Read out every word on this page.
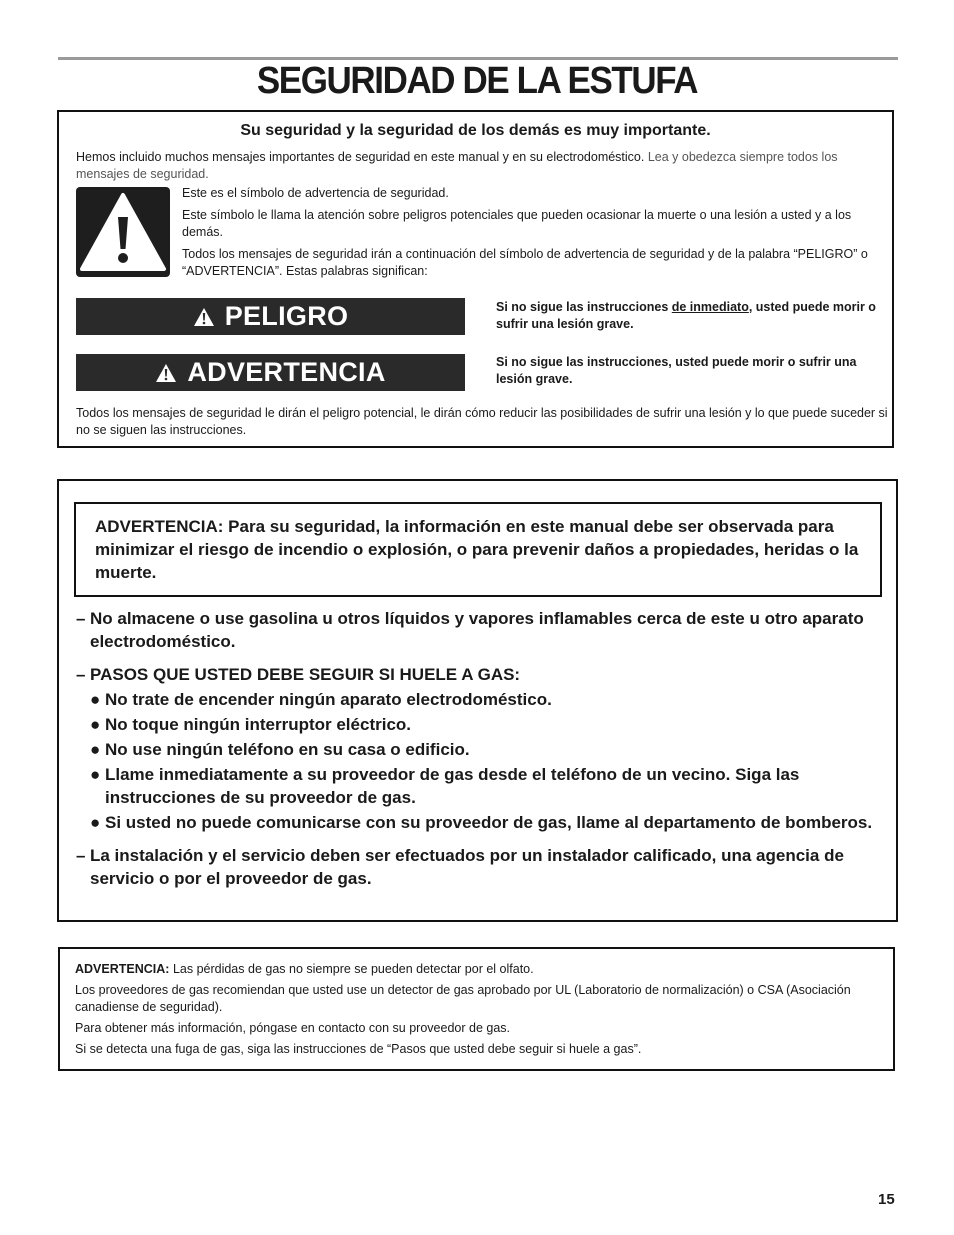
SEGURIDAD DE LA ESTUFA
Su seguridad y la seguridad de los demás es muy importante.
Hemos incluido muchos mensajes importantes de seguridad en este manual y en su electrodoméstico. Lea y obedezca siempre todos los mensajes de seguridad.

Este es el símbolo de advertencia de seguridad.

Este símbolo le llama la atención sobre peligros potenciales que pueden ocasionar la muerte o una lesión a usted y a los demás.

Todos los mensajes de seguridad irán a continuación del símbolo de advertencia de seguridad y de la palabra “PELIGRO” o “ADVERTENCIA”. Estas palabras significan:

PELIGRO	Si no sigue las instrucciones de inmediato, usted puede morir o sufrir una lesión grave.
ADVERTENCIA	Si no sigue las instrucciones, usted puede morir o sufrir una lesión grave.
Todos los mensajes de seguridad le dirán el peligro potencial, le dirán cómo reducir las posibilidades de sufrir una lesión y lo que puede suceder si no se siguen las instrucciones.
ADVERTENCIA: Para su seguridad, la información en este manual debe ser observada para minimizar el riesgo de incendio o explosión, o para prevenir daños a propiedades, heridas o la muerte.
– No almacene o use gasolina u otros líquidos y vapores inflamables cerca de este u otro aparato electrodoméstico.
– PASOS QUE USTED DEBE SEGUIR SI HUELE A GAS:
● No trate de encender ningún aparato electrodoméstico.
● No toque ningún interruptor eléctrico.
● No use ningún teléfono en su casa o edificio.
● Llame inmediatamente a su proveedor de gas desde el teléfono de un vecino. Siga las instrucciones de su proveedor de gas.
● Si usted no puede comunicarse con su proveedor de gas, llame al departamento de bomberos.
– La instalación y el servicio deben ser efectuados por un instalador calificado, una agencia de servicio o por el proveedor de gas.

ADVERTENCIA: Las pérdidas de gas no siempre se pueden detectar por el olfato.

Los proveedores de gas recomiendan que usted use un detector de gas aprobado por UL (Laboratorio de normalización) o CSA (Asociación canadiense de seguridad).

Para obtener más información, póngase en contacto con su proveedor de gas.

Si se detecta una fuga de gas, siga las instrucciones de “Pasos que usted debe seguir si huele a gas”.

15
